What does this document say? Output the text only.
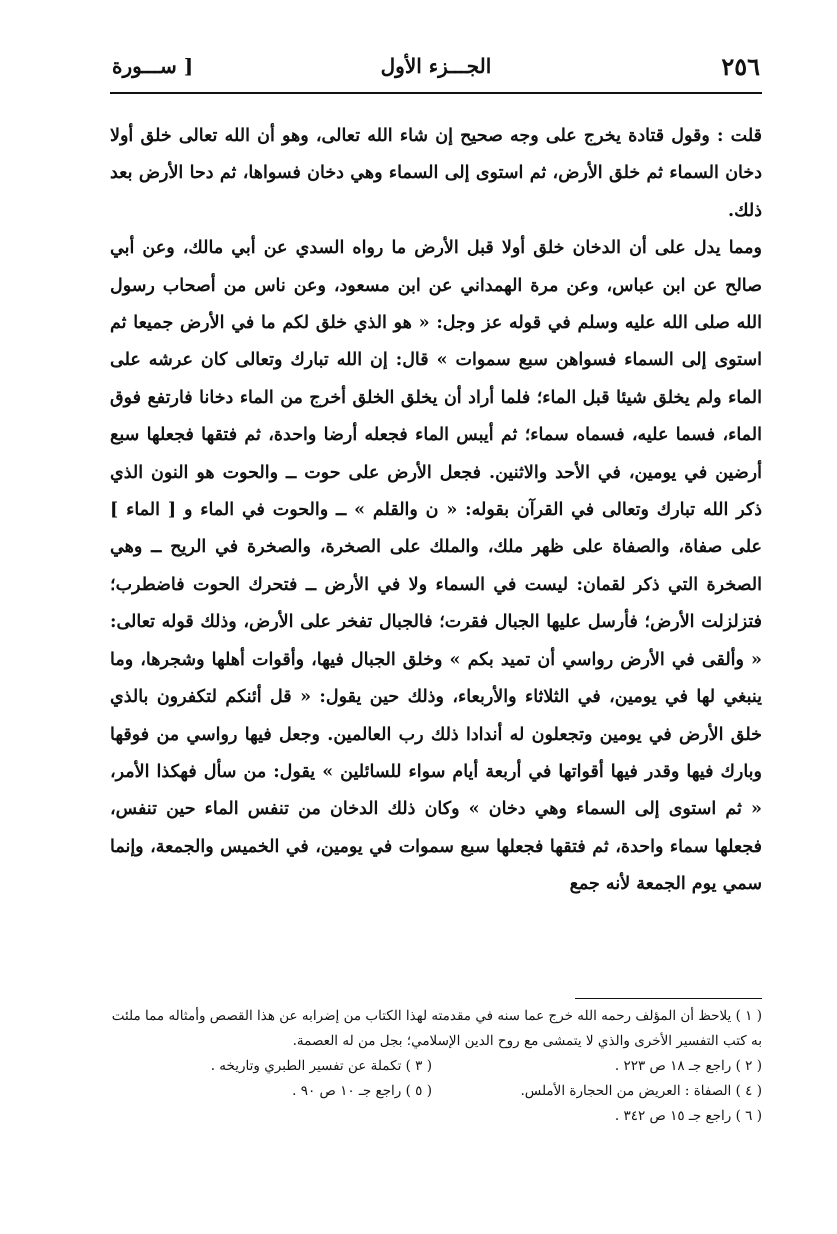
٢٥٦
الجـــزء الأول
[ ســـورة

قلت : وقول قتادة يخرج على وجه صحيح إن شاء الله تعالى، وهو أن الله تعالى خلق أولا دخان السماء ثم خلق الأرض، ثم استوى إلى السماء وهي دخان فسواها، ثم دحا الأرض بعد ذلك.

ومما يدل على أن الدخان خلق أولا قبل الأرض ما رواه السدي عن أبي مالك، وعن أبي صالح عن ابن عباس، وعن مرة الهمداني عن ابن مسعود، وعن ناس من أصحاب رسول الله صلى الله عليه وسلم في قوله عز وجل: « هو الذي خلق لكم ما في الأرض جميعا ثم استوى إلى السماء فسواهن سبع سموات » قال: إن الله تبارك وتعالى كان عرشه على الماء ولم يخلق شيئا قبل الماء؛ فلما أراد أن يخلق الخلق أخرج من الماء دخانا فارتفع فوق الماء، فسما عليه، فسماه سماء؛ ثم أيبس الماء فجعله أرضا واحدة، ثم فتقها فجعلها سبع أرضين في يومين، في الأحد والاثنين. فجعل الأرض على حوت ــ والحوت هو النون الذي ذكر الله تبارك وتعالى في القرآن بقوله: « ن والقلم » ــ والحوت في الماء و [ الماء ] على صفاة، والصفاة على ظهر ملك، والملك على الصخرة، والصخرة في الريح ــ وهي الصخرة التي ذكر لقمان: ليست في السماء ولا في الأرض ــ فتحرك الحوت فاضطرب؛ فتزلزلت الأرض؛ فأرسل عليها الجبال فقرت؛ فالجبال تفخر على الأرض، وذلك قوله تعالى: « وألقى في الأرض رواسي أن تميد بكم » وخلق الجبال فيها، وأقوات أهلها وشجرها، وما ينبغي لها في يومين، في الثلاثاء والأربعاء، وذلك حين يقول: « قل أئنكم لتكفرون بالذي خلق الأرض في يومين وتجعلون له أندادا ذلك رب العالمين. وجعل فيها رواسي من فوقها وبارك فيها وقدر فيها أقواتها في أربعة أيام سواء للسائلين » يقول: من سأل فهكذا الأمر، « ثم استوى إلى السماء وهي دخان » وكان ذلك الدخان من تنفس الماء حين تنفس، فجعلها سماء واحدة، ثم فتقها فجعلها سبع سموات في يومين، في الخميس والجمعة، وإنما سمي يوم الجمعة لأنه جمع

( ١ ) يلاحظ أن المؤلف رحمه الله خرج عما سنه في مقدمته لهذا الكتاب من إضرابه عن هذا القصص وأمثاله مما ملئت به كتب التفسير الأخرى والذي لا يتمشى مع روح الدين الإسلامي؛ بجل من له العصمة.

( ٢ ) راجع جـ ١٨ ص ٢٢٣ .
( ٣ ) تكملة عن تفسير الطبري وتاريخه .
( ٤ ) الصفاة : العريض من الحجارة الأملس.
( ٥ ) راجع جـ ١٠ ص ٩٠ .
( ٦ ) راجع جـ ١٥ ص ٣٤٢ .
